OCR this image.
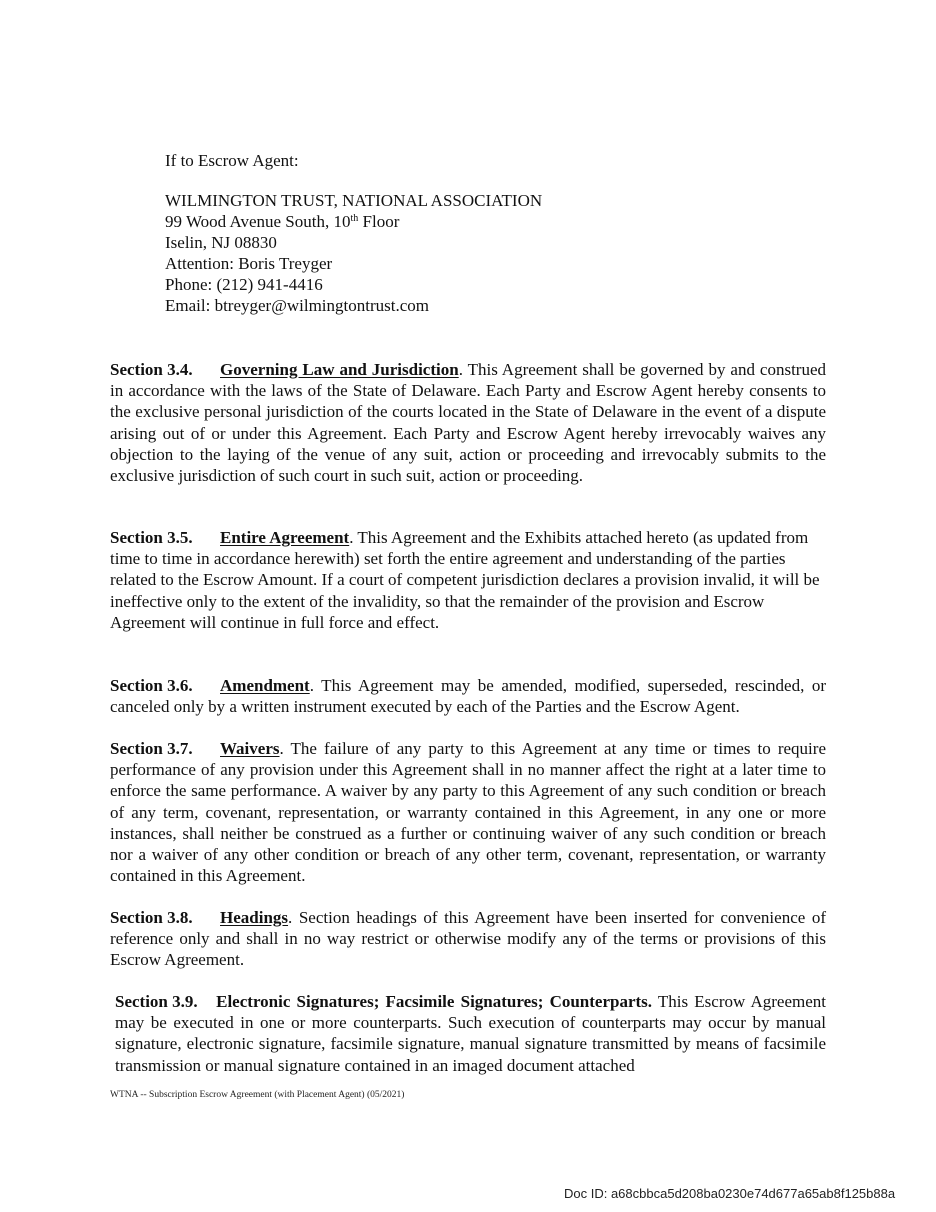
If to Escrow Agent:

WILMINGTON TRUST, NATIONAL ASSOCIATION
99 Wood Avenue South, 10th Floor
Iselin, NJ 08830
Attention: Boris Treyger
Phone: (212) 941-4416
Email: btreyger@wilmingtontrust.com

Section 3.4. Governing Law and Jurisdiction. This Agreement shall be governed by and construed in accordance with the laws of the State of Delaware. Each Party and Escrow Agent hereby consents to the exclusive personal jurisdiction of the courts located in the State of Delaware in the event of a dispute arising out of or under this Agreement. Each Party and Escrow Agent hereby irrevocably waives any objection to the laying of the venue of any suit, action or proceeding and irrevocably submits to the exclusive jurisdiction of such court in such suit, action or proceeding.

Section 3.5. Entire Agreement. This Agreement and the Exhibits attached hereto (as updated from time to time in accordance herewith) set forth the entire agreement and understanding of the parties related to the Escrow Amount. If a court of competent jurisdiction declares a provision invalid, it will be ineffective only to the extent of the invalidity, so that the remainder of the provision and Escrow Agreement will continue in full force and effect.

Section 3.6. Amendment. This Agreement may be amended, modified, superseded, rescinded, or canceled only by a written instrument executed by each of the Parties and the Escrow Agent.

Section 3.7. Waivers. The failure of any party to this Agreement at any time or times to require performance of any provision under this Agreement shall in no manner affect the right at a later time to enforce the same performance. A waiver by any party to this Agreement of any such condition or breach of any term, covenant, representation, or warranty contained in this Agreement, in any one or more instances, shall neither be construed as a further or continuing waiver of any such condition or breach nor a waiver of any other condition or breach of any other term, covenant, representation, or warranty contained in this Agreement.

Section 3.8. Headings. Section headings of this Agreement have been inserted for convenience of reference only and shall in no way restrict or otherwise modify any of the terms or provisions of this Escrow Agreement.

Section 3.9. Electronic Signatures; Facsimile Signatures; Counterparts. This Escrow Agreement may be executed in one or more counterparts. Such execution of counterparts may occur by manual signature, electronic signature, facsimile signature, manual signature transmitted by means of facsimile transmission or manual signature contained in an imaged document attached

WTNA -- Subscription Escrow Agreement (with Placement Agent) (05/2021)
Doc ID: a68cbbca5d208ba0230e74d677a65ab8f125b88a
